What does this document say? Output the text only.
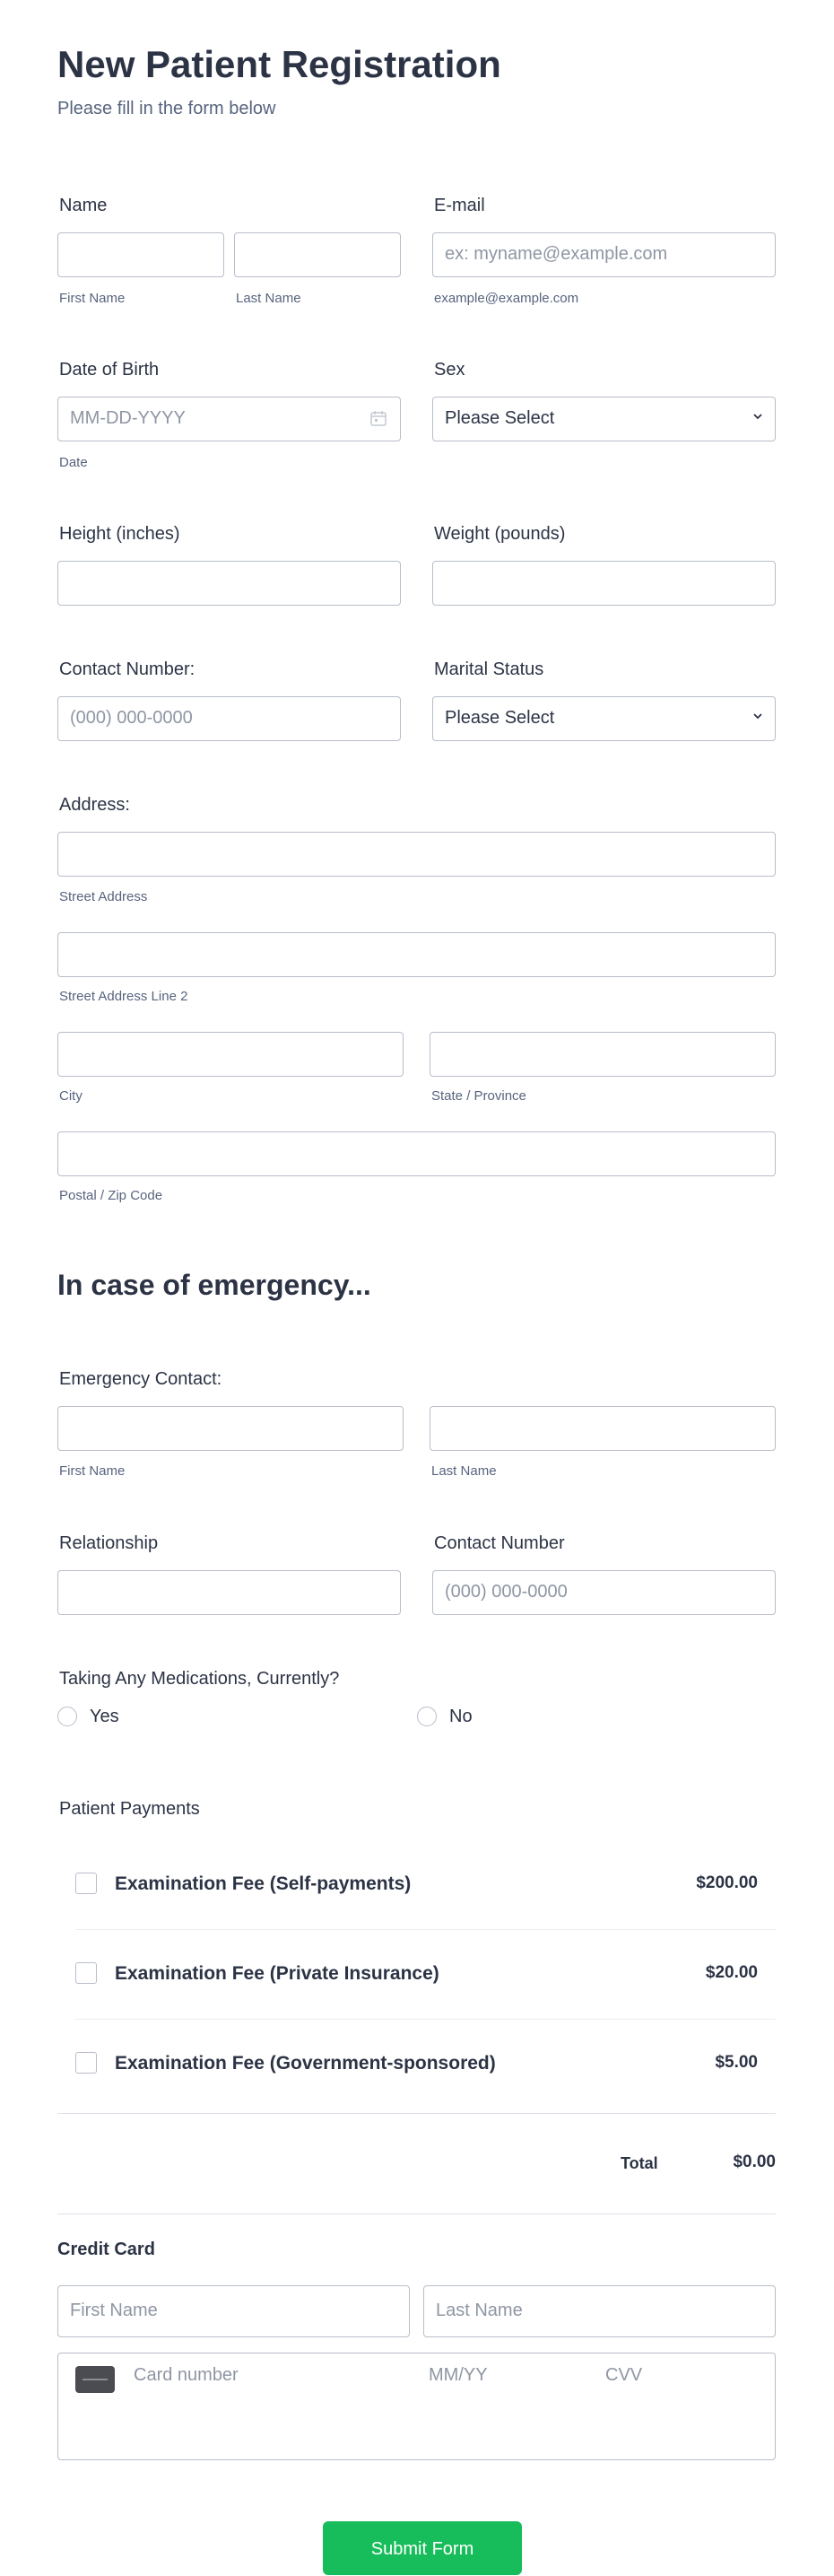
New Patient Registration
Please fill in the form below
Name
First Name	Last Name
E-mail
ex: myname@example.com
example@example.com
Date of Birth
MM-DD-YYYY
Date
Sex
Please Select
Height (inches)	Weight (pounds)
Contact Number:
(000) 000-0000
Marital Status
Please Select
Address:
Street Address
Street Address Line 2
City	State / Province
Postal / Zip Code
In case of emergency...
Emergency Contact:
First Name	Last Name
Relationship	Contact Number
(000) 000-0000
Taking Any Medications, Currently?
Yes	No
Patient Payments
Examination Fee (Self-payments)	$200.00
Examination Fee (Private Insurance)	$20.00
Examination Fee (Government-sponsored)	$5.00
Total	$0.00
Credit Card
First Name	Last Name
Card number	MM/YY	CVV
Submit Form
